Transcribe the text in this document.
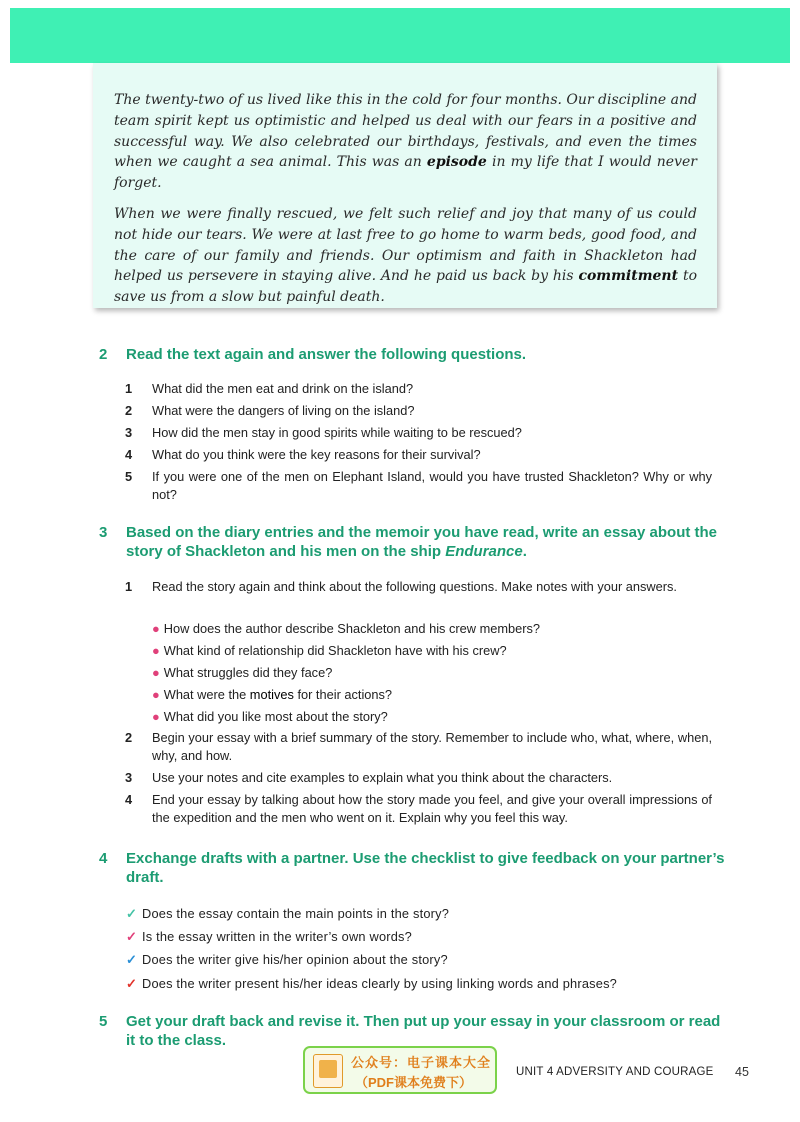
The twenty-two of us lived like this in the cold for four months. Our discipline and team spirit kept us optimistic and helped us deal with our fears in a positive and successful way. We also celebrated our birthdays, festivals, and even the times when we caught a sea animal. This was an episode in my life that I would never forget.

When we were finally rescued, we felt such relief and joy that many of us could not hide our tears. We were at last free to go home to warm beds, good food, and the care of our family and friends. Our optimism and faith in Shackleton had helped us persevere in staying alive. And he paid us back by his commitment to save us from a slow but painful death.

2	Read the text again and answer the following questions.
1	What did the men eat and drink on the island?
2	What were the dangers of living on the island?
3	How did the men stay in good spirits while waiting to be rescued?
4	What do you think were the key reasons for their survival?
5	If you were one of the men on Elephant Island, would you have trusted Shackleton? Why or why not?
3	Based on the diary entries and the memoir you have read, write an essay about the story of Shackleton and his men on the ship Endurance.
1	Read the story again and think about the following questions. Make notes with your answers.
● How does the author describe Shackleton and his crew members?
● What kind of relationship did Shackleton have with his crew?
● What struggles did they face?
● What were the motives for their actions?
● What did you like most about the story?
2	Begin your essay with a brief summary of the story. Remember to include who, what, where, when, why, and how.
3	Use your notes and cite examples to explain what you think about the characters.
4	End your essay by talking about how the story made you feel, and give your overall impressions of the expedition and the men who went on it. Explain why you feel this way.
4	Exchange drafts with a partner. Use the checklist to give feedback on your partner’s draft.
✓ Does the essay contain the main points in the story?
✓ Is the essay written in the writer’s own words?
✓ Does the writer give his/her opinion about the story?
✓ Does the writer present his/her ideas clearly by using linking words and phrases?
5	Get your draft back and revise it. Then put up your essay in your classroom or read it to the class.
公众号：电子课本大全
（PDF课本免费下）
UNIT 4 ADVERSITY AND COURAGE 45
